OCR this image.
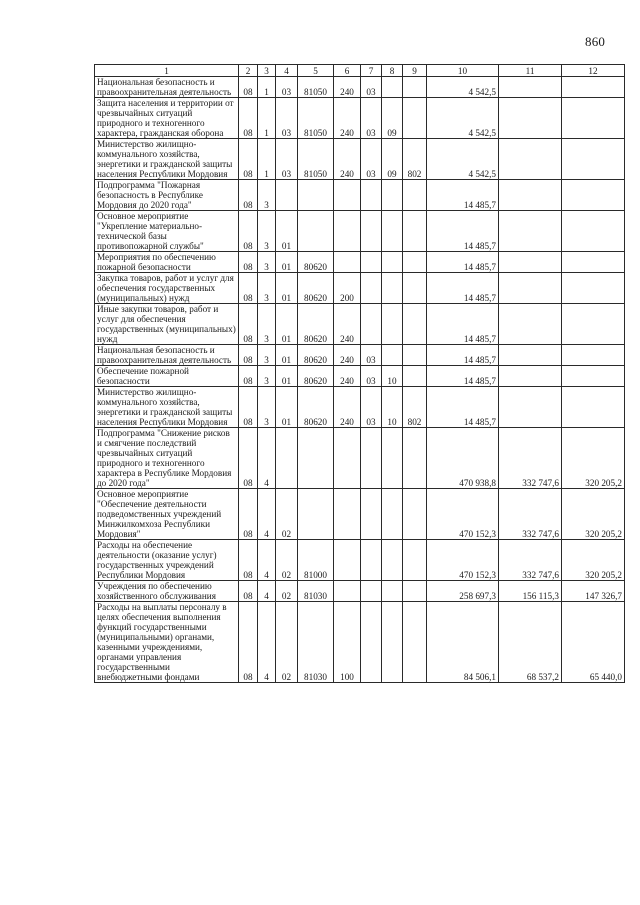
860
1	2	3	4	5	6	7	8	9	10	11	12
Национальная безопасность и правоохранительная деятельность	08	1	03	81050	240	03			4 542,5		
Защита населения и территории от чрезвычайных ситуаций природного и техногенного характера, гражданская оборона	08	1	03	81050	240	03	09		4 542,5		
Министерство жилищно-коммунального хозяйства, энергетики и гражданской защиты населения Республики Мордовия	08	1	03	81050	240	03	09	802	4 542,5		
Подпрограмма "Пожарная безопасность в Республике Мордовия до 2020 года"	08	3							14 485,7		
Основное мероприятие "Укрепление материально-технической базы противопожарной службы"	08	3	01						14 485,7		
Мероприятия по обеспечению пожарной безопасности	08	3	01	80620					14 485,7		
Закупка товаров, работ и услуг для обеспечения государственных (муниципальных) нужд	08	3	01	80620	200				14 485,7		
Иные закупки товаров, работ и услуг для обеспечения государственных (муниципальных) нужд	08	3	01	80620	240				14 485,7		
Национальная безопасность и правоохранительная деятельность	08	3	01	80620	240	03			14 485,7		
Обеспечение пожарной безопасности	08	3	01	80620	240	03	10		14 485,7		
Министерство жилищно-коммунального хозяйства, энергетики и гражданской защиты населения Республики Мордовия	08	3	01	80620	240	03	10	802	14 485,7		
Подпрограмма "Снижение рисков и смягчение последствий чрезвычайных ситуаций природного и техногенного характера в Республике Мордовия до 2020 года"	08	4							470 938,8	332 747,6	320 205,2
Основное мероприятие "Обеспечение деятельности подведомственных учреждений Минжилкомхоза Республики Мордовия"	08	4	02						470 152,3	332 747,6	320 205,2
Расходы на обеспечение деятельности (оказание услуг) государственных учреждений Республики Мордовия	08	4	02	81000					470 152,3	332 747,6	320 205,2
Учреждения по обеспечению хозяйственного обслуживания	08	4	02	81030					258 697,3	156 115,3	147 326,7
Расходы на выплаты персоналу в целях обеспечения выполнения функций государственными (муниципальными) органами, казенными учреждениями, органами управления государственными внебюджетными фондами	08	4	02	81030	100				84 506,1	68 537,2	65 440,0
